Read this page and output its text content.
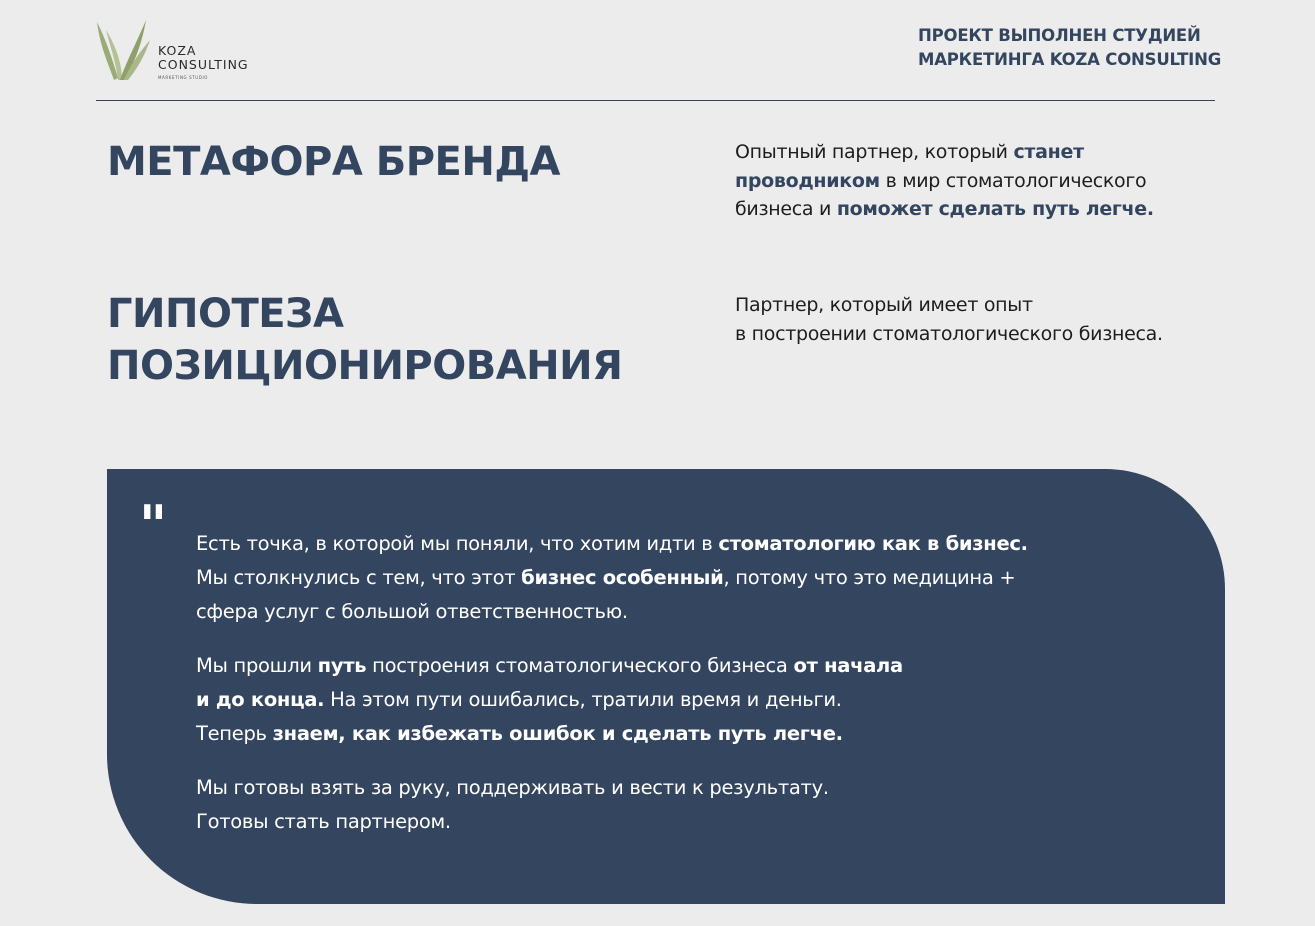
KOZA
CONSULTING
MARKETING STUDIO
ПРОЕКТ ВЫПОЛНЕН СТУДИЕЙ
МАРКЕТИНГА KOZA CONSULTING
МЕТАФОРА БРЕНДА	Опытный партнер, который станет
проводником в мир стоматологического
бизнеса и поможет сделать путь легче.
ГИПОТЕЗА
ПОЗИЦИОНИРОВАНИЯ
Партнер, который имеет опыт
в построении стоматологического бизнеса.
" Есть точка, в которой мы поняли, что хотим идти в стоматологию как в бизнес.
Мы столкнулись с тем, что этот бизнес особенный, потому что это медицина +
сфера услуг с большой ответственностью.

Мы прошли путь построения стоматологического бизнеса от начала
и до конца. На этом пути ошибались, тратили время и деньги.
Теперь знаем, как избежать ошибок и сделать путь легче.

Мы готовы взять за руку, поддерживать и вести к результату.
Готовы стать партнером.
